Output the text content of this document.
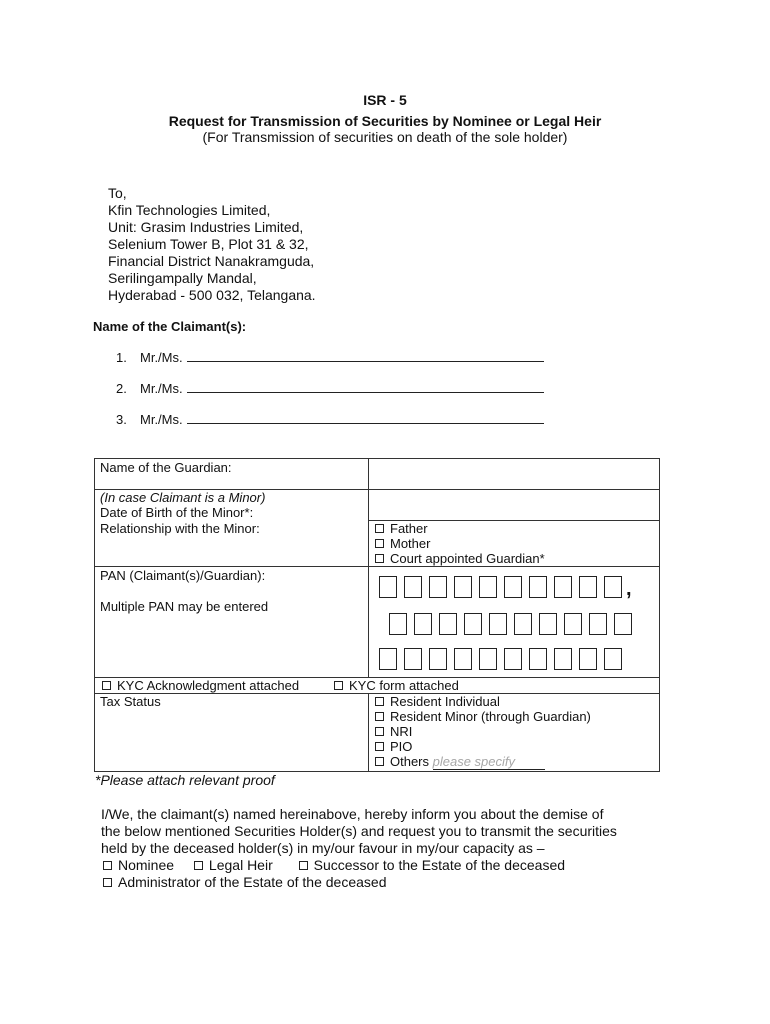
ISR - 5
Request for Transmission of Securities by Nominee or Legal Heir
(For Transmission of securities on death of the sole holder)
To,
Kfin Technologies Limited,
Unit: Grasim Industries Limited,
Selenium Tower B, Plot 31 & 32,
Financial District Nanakramguda,
Serilingampally Mandal,
Hyderabad - 500 032, Telangana.
Name of the Claimant(s):
1. Mr./Ms.
2. Mr./Ms.
3. Mr./Ms.
Name of the Guardian:
(In case Claimant is a Minor)
Date of Birth of the Minor*:
Relationship with the Minor:	Father
Mother
Court appointed Guardian*
PAN (Claimant(s)/Guardian):
Multiple PAN may be entered
,
KYC Acknowledgment attached	KYC form attached
Tax Status	Resident Individual
Resident Minor (through Guardian)
NRI
PIO
Others please specify
*Please attach relevant proof
I/We, the claimant(s) named hereinabove, hereby inform you about the demise of
the below mentioned Securities Holder(s) and request you to transmit the securities
held by the deceased holder(s) in my/our favour in my/our capacity as –
Nominee Legal Heir	Successor to the Estate of the deceased
Administrator of the Estate of the deceased
